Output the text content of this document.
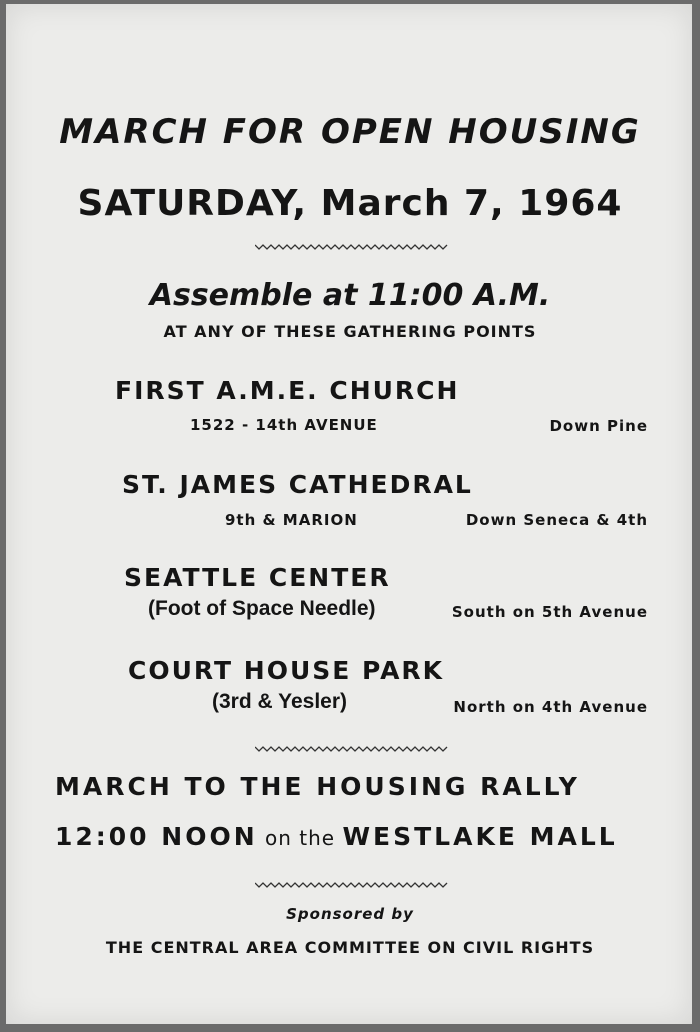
MARCH FOR OPEN HOUSING
SATURDAY, March 7, 1964
Assemble at 11:00 A.M.
AT ANY OF THESE GATHERING POINTS
FIRST A.M.E. CHURCH
1522 - 14th AVENUE	Down Pine
ST. JAMES CATHEDRAL
9th & MARION	Down Seneca & 4th
SEATTLE CENTER
(Foot of Space Needle)	South on 5th Avenue
COURT HOUSE PARK
(3rd & Yesler)	North on 4th Avenue
MARCH TO THE HOUSING RALLY
12:00 NOON on the WESTLAKE MALL
Sponsored by
THE CENTRAL AREA COMMITTEE ON CIVIL RIGHTS
